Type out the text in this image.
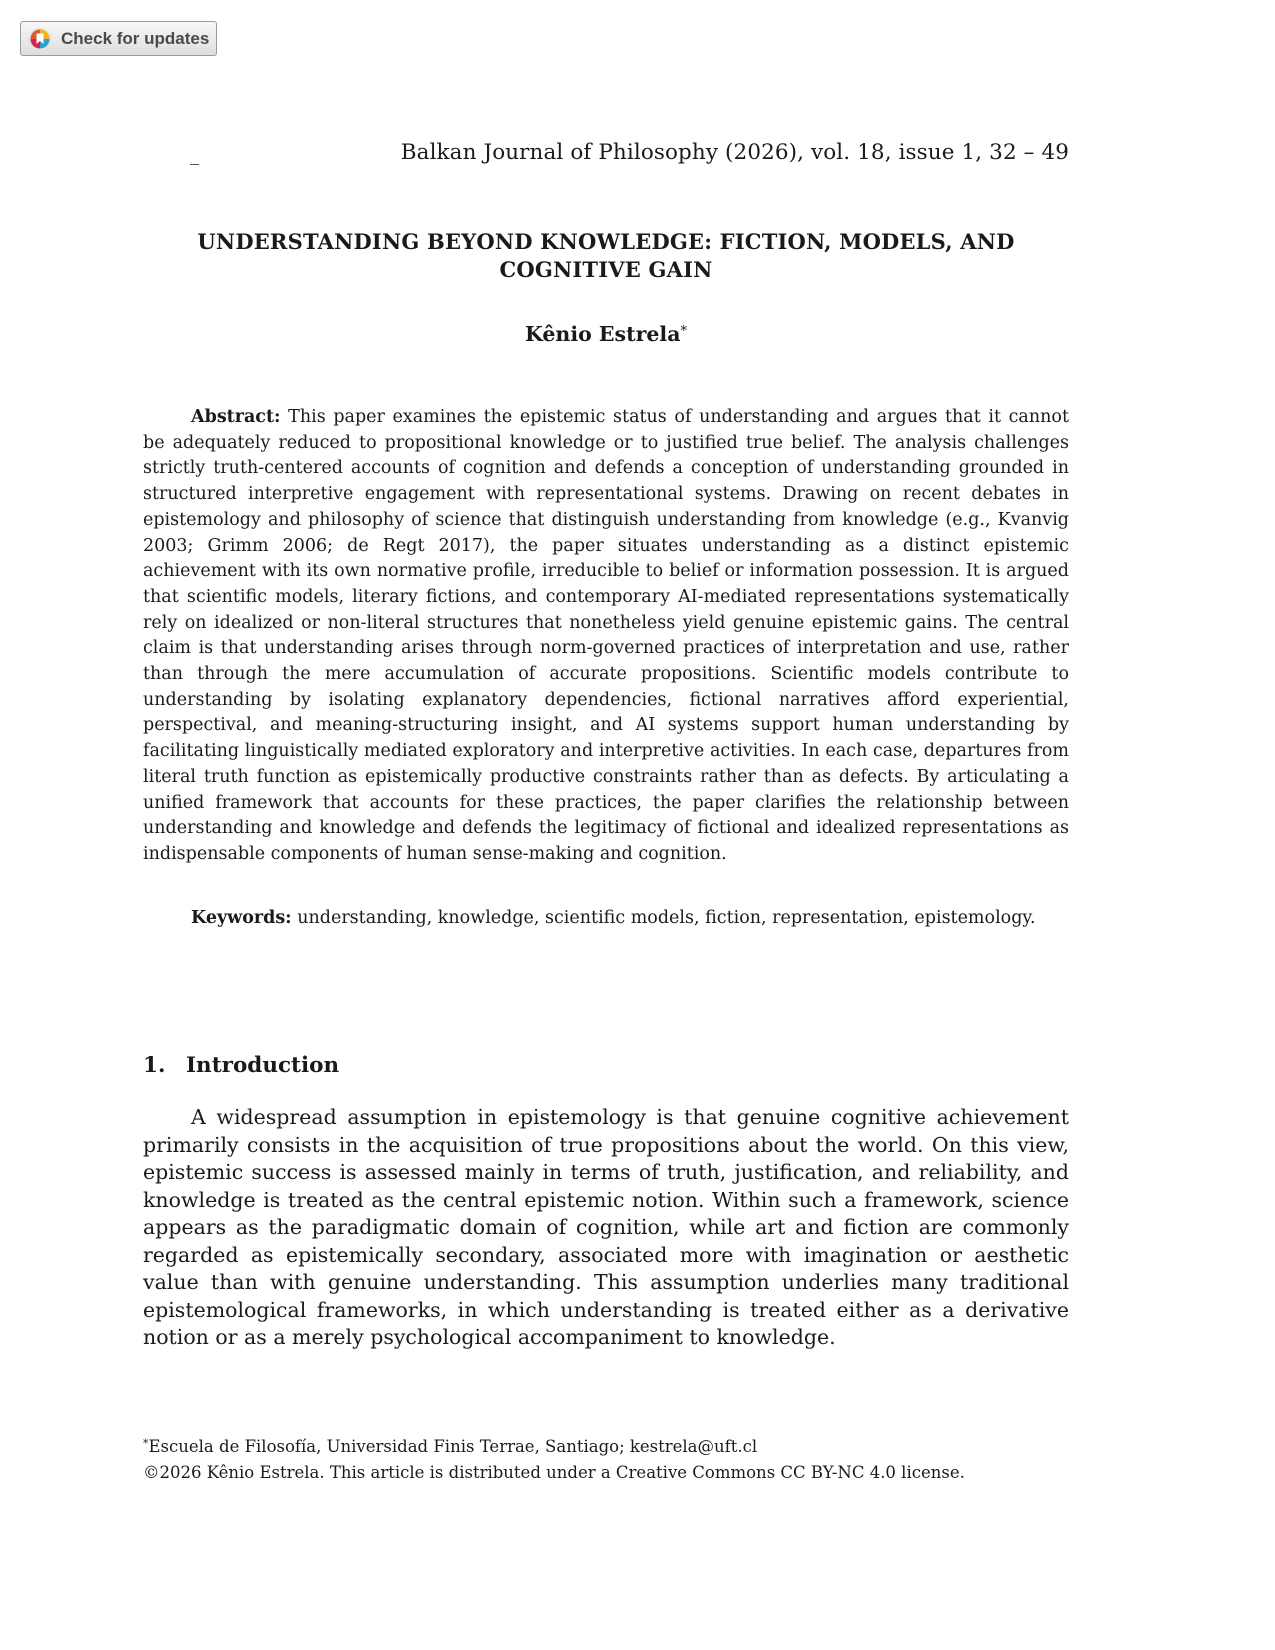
Check for updates
Balkan Journal of Philosophy (2026), vol. 18, issue 1, 32 – 49
UNDERSTANDING BEYOND KNOWLEDGE: FICTION, MODELS, AND
COGNITIVE GAIN
Kênio Estrela*

Abstract: This paper examines the epistemic status of understanding and argues that it cannot be adequately reduced to propositional knowledge or to justified true belief. The analysis challenges strictly truth-centered accounts of cognition and defends a conception of understanding grounded in structured interpretive engagement with representational systems. Drawing on recent debates in epistemology and philosophy of science that distinguish understanding from knowledge (e.g., Kvanvig 2003; Grimm 2006; de Regt 2017), the paper situates understanding as a distinct epistemic achievement with its own normative profile, irreducible to belief or information possession. It is argued that scientific models, literary fictions, and contemporary AI-mediated representations systematically rely on idealized or non-literal structures that nonetheless yield genuine epistemic gains. The central claim is that understanding arises through norm-governed practices of interpretation and use, rather than through the mere accumulation of accurate propositions. Scientific models contribute to understanding by isolating explanatory dependencies, fictional narratives afford experiential, perspectival, and meaning-structuring insight, and AI systems support human understanding by facilitating linguistically mediated exploratory and interpretive activities. In each case, departures from literal truth function as epistemically productive constraints rather than as defects. By articulating a unified framework that accounts for these practices, the paper clarifies the relationship between understanding and knowledge and defends the legitimacy of fictional and idealized representations as indispensable components of human sense-making and cognition.

Keywords: understanding, knowledge, scientific models, fiction, representation, epistemology.

1. Introduction

A widespread assumption in epistemology is that genuine cognitive achievement primarily consists in the acquisition of true propositions about the world. On this view, epistemic success is assessed mainly in terms of truth, justification, and reliability, and knowledge is treated as the central epistemic notion. Within such a framework, science appears as the paradigmatic domain of cognition, while art and fiction are commonly regarded as epistemically secondary, associated more with imagination or aesthetic value than with genuine understanding. This assumption underlies many traditional epistemological frameworks, in which understanding is treated either as a derivative notion or as a merely psychological accompaniment to knowledge.

*Escuela de Filosofía, Universidad Finis Terrae, Santiago; kestrela@uft.cl
©2026 Kênio Estrela. This article is distributed under a Creative Commons CC BY-NC 4.0 license.
